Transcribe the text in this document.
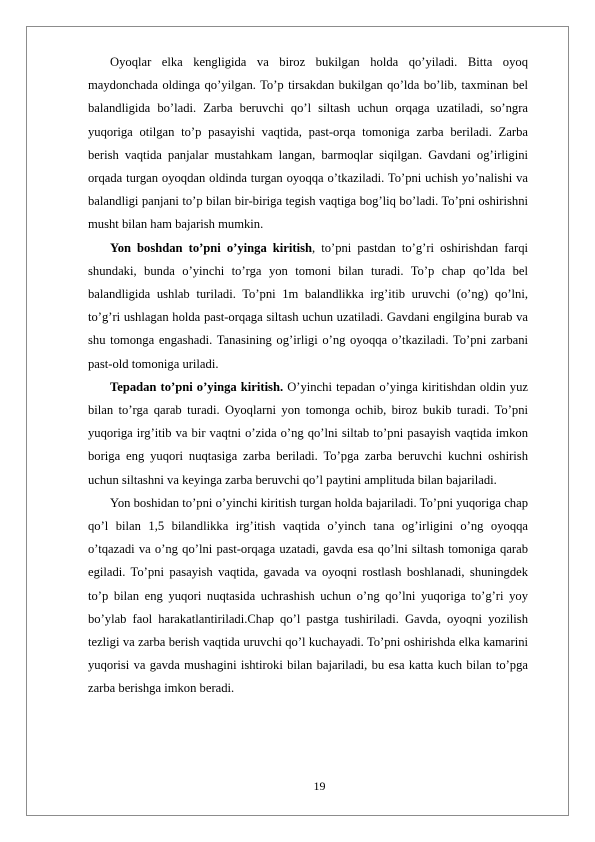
Oyoqlar elka kengligida va biroz bukilgan holda qo’yiladi. Bitta oyoq maydonchada oldinga qo’yilgan. To’p tirsakdan bukilgan qo’lda bo’lib, taxminan bel balandligida bo’ladi. Zarba beruvchi qo’l siltash uchun orqaga uzatiladi, so’ngra yuqoriga otilgan to’p pasayishi vaqtida, past-orqa tomoniga zarba beriladi. Zarba berish vaqtida panjalar mustahkam langan, barmoqlar siqilgan. Gavdani og’irligini orqada turgan oyoqdan oldinda turgan oyoqqa o’tkaziladi. To’pni uchish yo’nalishi va balandligi panjani to’p bilan bir-biriga tegish vaqtiga bog’liq bo’ladi. To’pni oshirishni musht bilan ham bajarish mumkin.

Yon boshdan to’pni o’yinga kiritish, to’pni pastdan to’g’ri oshirishdan farqi shundaki, bunda o’yinchi to’rga yon tomoni bilan turadi. To’p chap qo’lda bel balandligida ushlab turiladi. To’pni 1m balandlikka irg’itib uruvchi (o’ng) qo’lni, to’g’ri ushlagan holda past-orqaga siltash uchun uzatiladi. Gavdani engilgina burab va shu tomonga engashadi. Tanasining og’irligi o’ng oyoqqa o’tkaziladi. To’pni zarbani past-old tomoniga uriladi.

Tepadan to’pni o’yinga kiritish. O’yinchi tepadan o’yinga kiritishdan oldin yuz bilan to’rga qarab turadi. Oyoqlarni yon tomonga ochib, biroz bukib turadi. To’pni yuqoriga irg’itib va bir vaqtni o’zida o’ng qo’lni siltab to’pni pasayish vaqtida imkon boriga eng yuqori nuqtasiga zarba beriladi. To’pga zarba beruvchi kuchni oshirish uchun siltashni va keyinga zarba beruvchi qo’l paytini amplituda bilan bajariladi.

Yon boshidan to’pni o’yinchi kiritish turgan holda bajariladi. To’pni yuqoriga chap qo’l bilan 1,5 bilandlikka irg’itish vaqtida o’yinch tana og’irligini o’ng oyoqqa o’tqazadi va o’ng qo’lni past-orqaga uzatadi, gavda esa qo’lni siltash tomoniga qarab egiladi. To’pni pasayish vaqtida, gavada va oyoqni rostlash boshlanadi, shuningdek to’p bilan eng yuqori nuqtasida uchrashish uchun o’ng qo’lni yuqoriga to’g’ri yoy bo’ylab faol harakatlantiriladi.Chap qo’l pastga tushiriladi. Gavda, oyoqni yozilish tezligi va zarba berish vaqtida uruvchi qo’l kuchayadi. To’pni oshirishda elka kamarini yuqorisi va gavda mushagini ishtiroki bilan bajariladi, bu esa katta kuch bilan to’pga zarba berishga imkon beradi.

19
